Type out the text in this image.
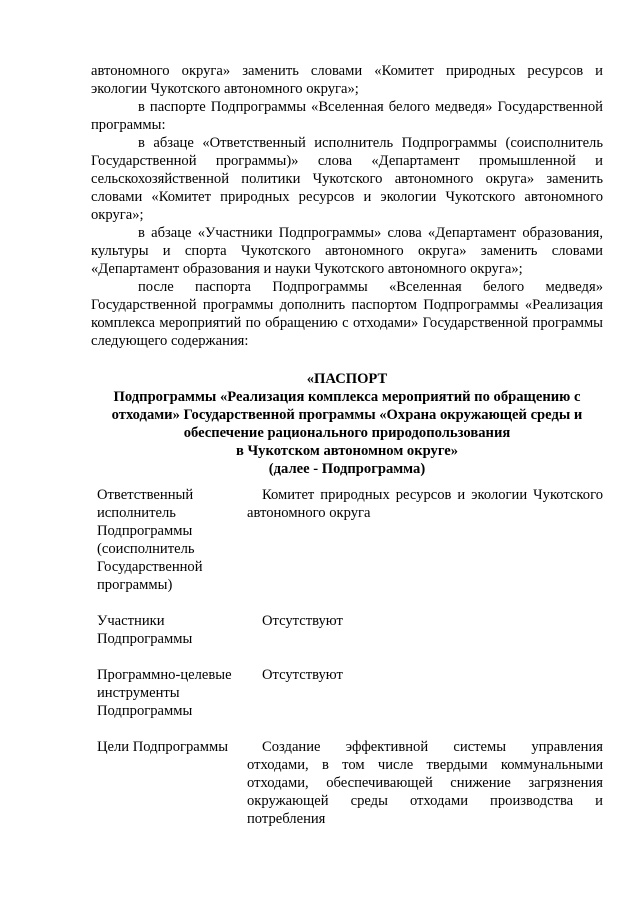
автономного округа» заменить словами «Комитет природных ресурсов и экологии Чукотского автономного округа»;

в паспорте Подпрограммы «Вселенная белого медведя» Государственной программы:

в абзаце «Ответственный исполнитель Подпрограммы (соисполнитель Государственной программы)» слова «Департамент промышленной и сельскохозяйственной политики Чукотского автономного округа» заменить словами «Комитет природных ресурсов и экологии Чукотского автономного округа»;

в абзаце «Участники Подпрограммы» слова «Департамент образования, культуры и спорта Чукотского автономного округа» заменить словами «Департамент образования и науки Чукотского автономного округа»;

после паспорта Подпрограммы «Вселенная белого медведя» Государственной программы дополнить паспортом Подпрограммы «Реализация комплекса мероприятий по обращению с отходами» Государственной программы следующего содержания:

«ПАСПОРТ
Подпрограммы «Реализация комплекса мероприятий по обращению с отходами» Государственной программы «Охрана окружающей среды и обеспечение рационального природопользования
в Чукотском автономном округе»
(далее - Подпрограмма)
Ответственный исполнитель Подпрограммы (соисполнитель Государственной программы)	Комитет природных ресурсов и экологии Чукотского автономного округа

Участники Подпрограммы	Отсутствуют

Программно-целевые инструменты Подпрограммы	Отсутствуют

Цели Подпрограммы	Создание эффективной системы управления отходами, в том числе твердыми коммунальными отходами, обеспечивающей снижение загрязнения окружающей среды отходами производства и потребления
